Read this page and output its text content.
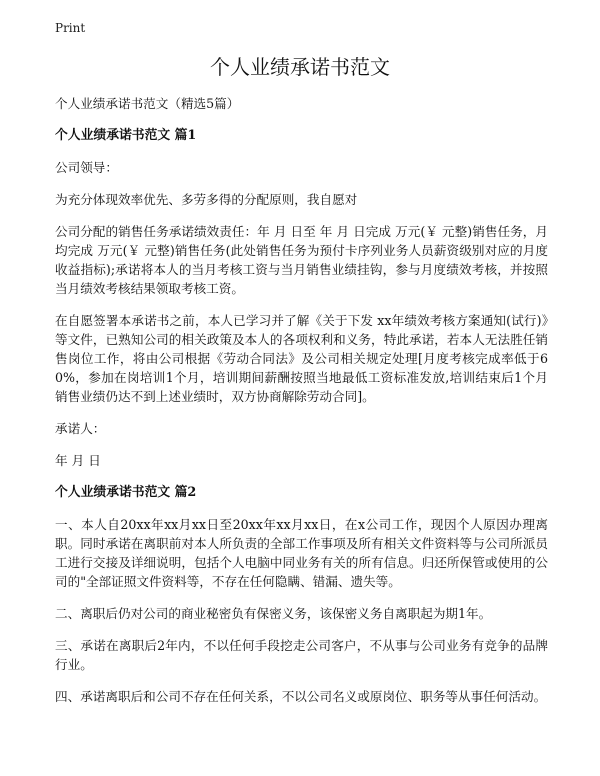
Print
个人业绩承诺书范文

个人业绩承诺书范文（精选5篇）

个人业绩承诺书范文 篇1

公司领导：

为充分体现效率优先、多劳多得的分配原则，我自愿对

公司分配的销售任务承诺绩效责任：年 月 日至 年 月 日完成 万元(￥ 元整)销售任务，月均完成 万元(￥ 元整)销售任务(此处销售任务为预付卡序列业务人员薪资级别对应的月度收益指标);承诺将本人的当月考核工资与当月销售业绩挂钩，参与月度绩效考核，并按照当月绩效考核结果领取考核工资。

在自愿签署本承诺书之前，本人已学习并了解《关于下发 xx年绩效考核方案通知(试行)》等文件，已熟知公司的相关政策及本人的各项权利和义务，特此承诺，若本人无法胜任销售岗位工作，将由公司根据《劳动合同法》及公司相关规定处理[月度考核完成率低于60%，参加在岗培训1个月，培训期间薪酬按照当地最低工资标准发放,培训结束后1个月销售业绩仍达不到上述业绩时，双方协商解除劳动合同]。

承诺人：

年 月 日

个人业绩承诺书范文 篇2

一、本人自20xx年xx月xx日至20xx年xx月xx日，在x公司工作，现因个人原因办理离职。同时承诺在离职前对本人所负责的全部工作事项及所有相关文件资料等与公司所派员工进行交接及详细说明，包括个人电脑中同业务有关的所有信息。归还所保管或使用的公司的"全部证照文件资料等，不存在任何隐瞒、错漏、遗失等。

二、离职后仍对公司的商业秘密负有保密义务，该保密义务自离职起为期1年。

三、承诺在离职后2年内，不以任何手段挖走公司客户，不从事与公司业务有竞争的品牌行业。

四、承诺离职后和公司不存在任何关系，不以公司名义或原岗位、职务等从事任何活动。
